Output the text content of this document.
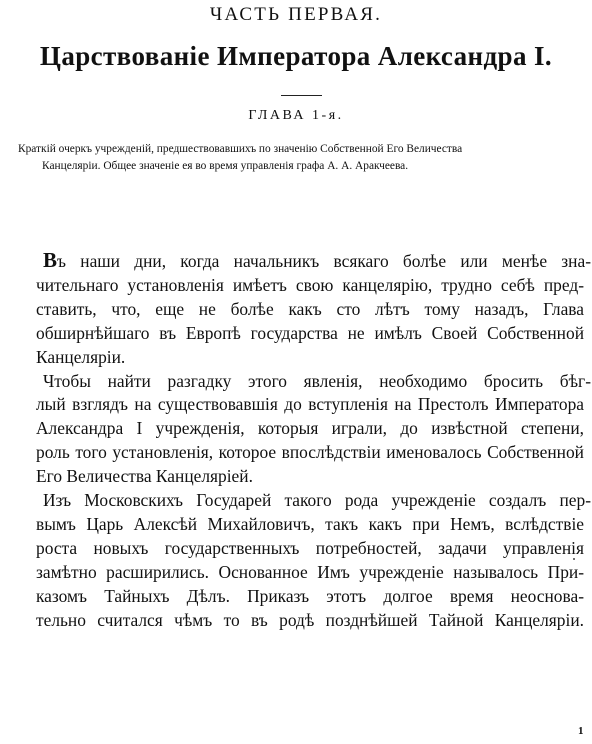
ЧАСТЬ ПЕРВАЯ.
Царствованіе Императора Александра I.
ГЛАВА 1-я.
Краткій очеркъ учрежденій, предшествовавшихъ по значенію Собственной Его Величества
Канцеляріи. Общее значеніе ея во время управленія графа А. А. Аракчеева.
Въ наши дни, когда начальникъ всякаго болѣе или менѣе зна-
чительнаго установленія имѣетъ свою канцелярію, трудно себѣ пред-
ставить, что, еще не болѣе какъ сто лѣтъ тому назадъ, Глава
обширнѣйшаго въ Европѣ государства не имѣлъ Своей Собственной
Канцеляріи.
Чтобы найти разгадку этого явленія, необходимо бросить бѣг-
лый взглядъ на существовавшія до вступленія на Престолъ Императора
Александра I учрежденія, которыя играли, до извѣстной степени,
роль того установленія, которое впослѣдствіи именовалось Собственной
Его Величества Канцеляріей.
Изъ Московскихъ Государей такого рода учрежденіе создалъ пер-
вымъ Царь Алексѣй Михайловичъ, такъ какъ при Немъ, вслѣдствіе
роста новыхъ государственныхъ потребностей, задачи управленія
замѣтно расширились. Основанное Имъ учрежденіе называлось При-
казомъ Тайныхъ Дѣлъ. Приказъ этотъ долгое время неоснова-
тельно считался чѣмъ то въ родѣ позднѣйшей Тайной Канцеляріи.
1
